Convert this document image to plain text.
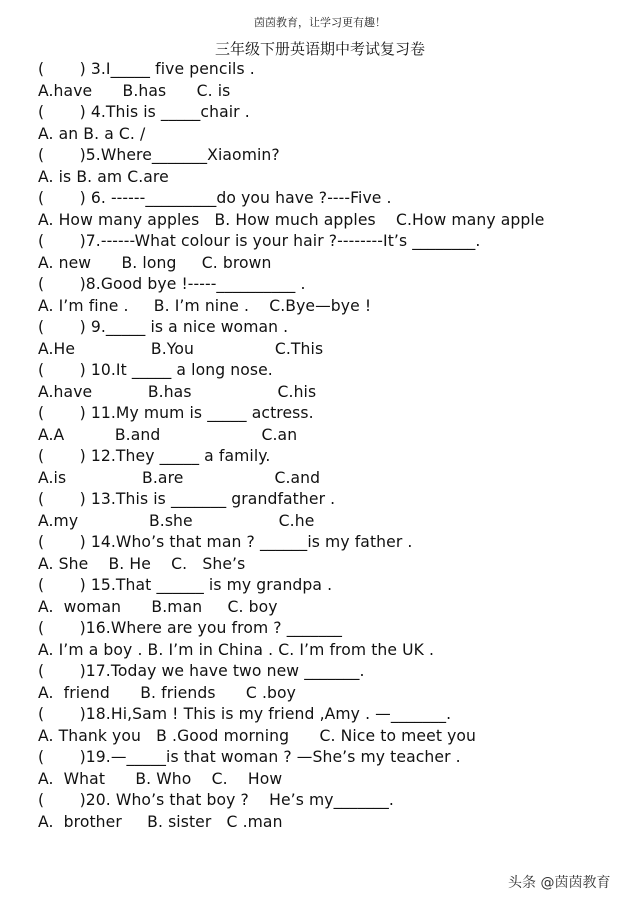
茵茵教育，让学习更有趣！
三年级下册英语期中考试复习卷
(       ) 3.I_____ five pencils .
A.have      B.has      C. is
(       ) 4.This is _____chair .
A. an B. a C. /
(       )5.Where_______Xiaomin?
A. is B. am C.are
(       ) 6. ------_________do you have ?----Five .
A. How many apples   B. How much apples    C.How many apple
(       )7.------What colour is your hair ?--------It’s ________.
A. new      B. long     C. brown
(       )8.Good bye !-----__________ .
A. I’m fine .     B. I’m nine .    C.Bye—bye !
(       ) 9._____ is a nice woman .
A.He               B.You                C.This
(       ) 10.It _____ a long nose.
A.have           B.has                 C.his
(       ) 11.My mum is _____ actress.
A.A          B.and                    C.an
(       ) 12.They _____ a family.
A.is               B.are                  C.and
(       ) 13.This is _______ grandfather .
A.my              B.she                 C.he
(       ) 14.Who’s that man ? ______is my father .
A. She    B. He    C.   She’s
(       ) 15.That ______ is my grandpa .
A.  woman      B.man     C. boy
(       )16.Where are you from ? _______
A. I’m a boy . B. I’m in China . C. I’m from the UK .
(       )17.Today we have two new _______.
A.  friend      B. friends      C .boy
(       )18.Hi,Sam ! This is my friend ,Amy . —_______.
A. Thank you   B .Good morning      C. Nice to meet you
(       )19.—_____is that woman ? —She’s my teacher .
A.  What      B. Who    C.    How
(       )20. Who’s that boy ?    He’s my_______.
A.  brother     B. sister   C .man
头条 @茵茵教育
